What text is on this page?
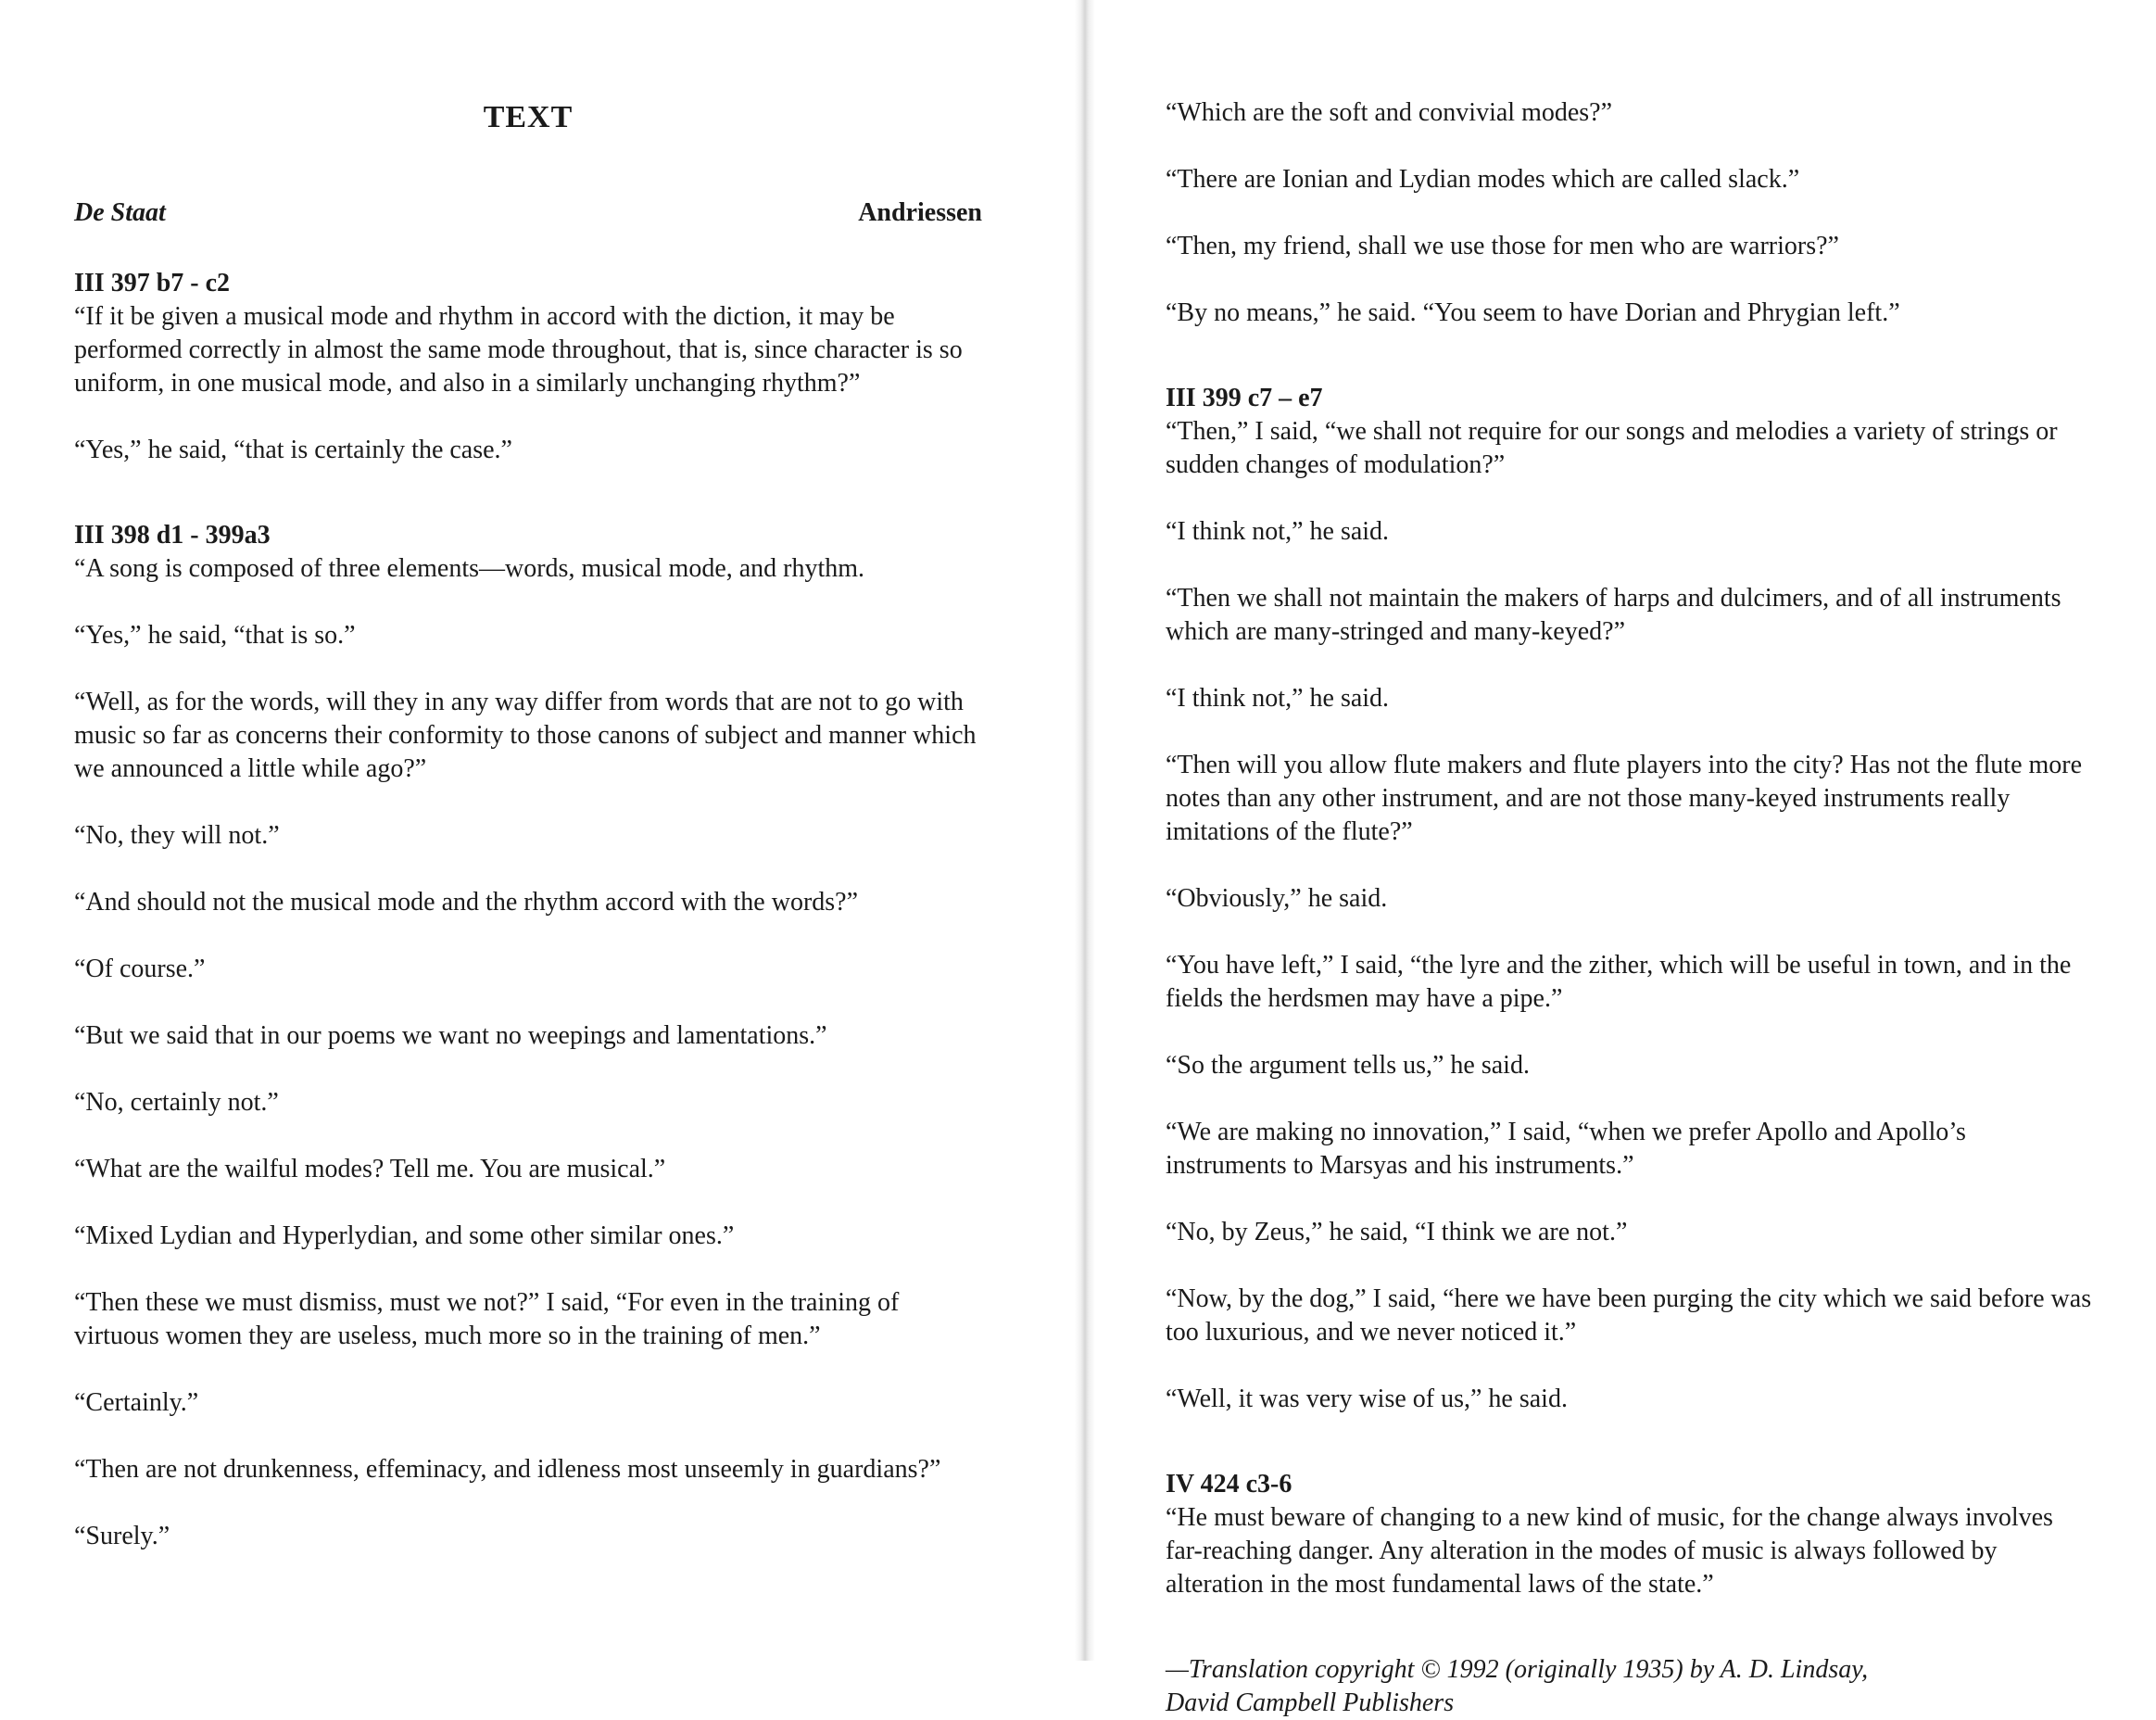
TEXT
De Staat	Andriessen

III 397 b7 - c2

“If it be given a musical mode and rhythm in accord with the diction, it may be performed correctly in almost the same mode throughout, that is, since character is so uniform, in one musical mode, and also in a similarly unchanging rhythm?”

“Yes,” he said, “that is certainly the case.”

III 398 d1 - 399a3

“A song is composed of three elements—words, musical mode, and rhythm.

“Yes,” he said, “that is so.”

“Well, as for the words, will they in any way differ from words that are not to go with music so far as concerns their conformity to those canons of subject and manner which we announced a little while ago?”

“No, they will not.”

“And should not the musical mode and the rhythm accord with the words?”

“Of course.”

“But we said that in our poems we want no weepings and lamentations.”

“No, certainly not.”

“What are the wailful modes? Tell me. You are musical.”

“Mixed Lydian and Hyperlydian, and some other similar ones.”

“Then these we must dismiss, must we not?” I said, “For even in the training of virtuous women they are useless, much more so in the training of men.”

“Certainly.”

“Then are not drunkenness, effeminacy, and idleness most unseemly in guardians?”

“Surely.”

“Which are the soft and convivial modes?”

“There are Ionian and Lydian modes which are called slack.”

“Then, my friend, shall we use those for men who are warriors?”

“By no means,” he said. “You seem to have Dorian and Phrygian left.”

III 399 c7 – e7

“Then,” I said, “we shall not require for our songs and melodies a variety of strings or sudden changes of modulation?”

“I think not,” he said.

“Then we shall not maintain the makers of harps and dulcimers, and of all instruments which are many-stringed and many-keyed?”

“I think not,” he said.

“Then will you allow flute makers and flute players into the city? Has not the flute more notes than any other instrument, and are not those many-keyed instruments really imitations of the flute?”

“Obviously,” he said.

“You have left,” I said, “the lyre and the zither, which will be useful in town, and in the fields the herdsmen may have a pipe.”

“So the argument tells us,” he said.

“We are making no innovation,” I said, “when we prefer Apollo and Apollo’s instruments to Marsyas and his instruments.”

“No, by Zeus,” he said, “I think we are not.”

“Now, by the dog,” I said, “here we have been purging the city which we said before was too luxurious, and we never noticed it.”

“Well, it was very wise of us,” he said.

IV 424 c3-6

“He must beware of changing to a new kind of music, for the change always involves far-reaching danger. Any alteration in the modes of music is always followed by alteration in the most fundamental laws of the state.”

—Translation copyright © 1992 (originally 1935) by A. D. Lindsay,
David Campbell Publishers
